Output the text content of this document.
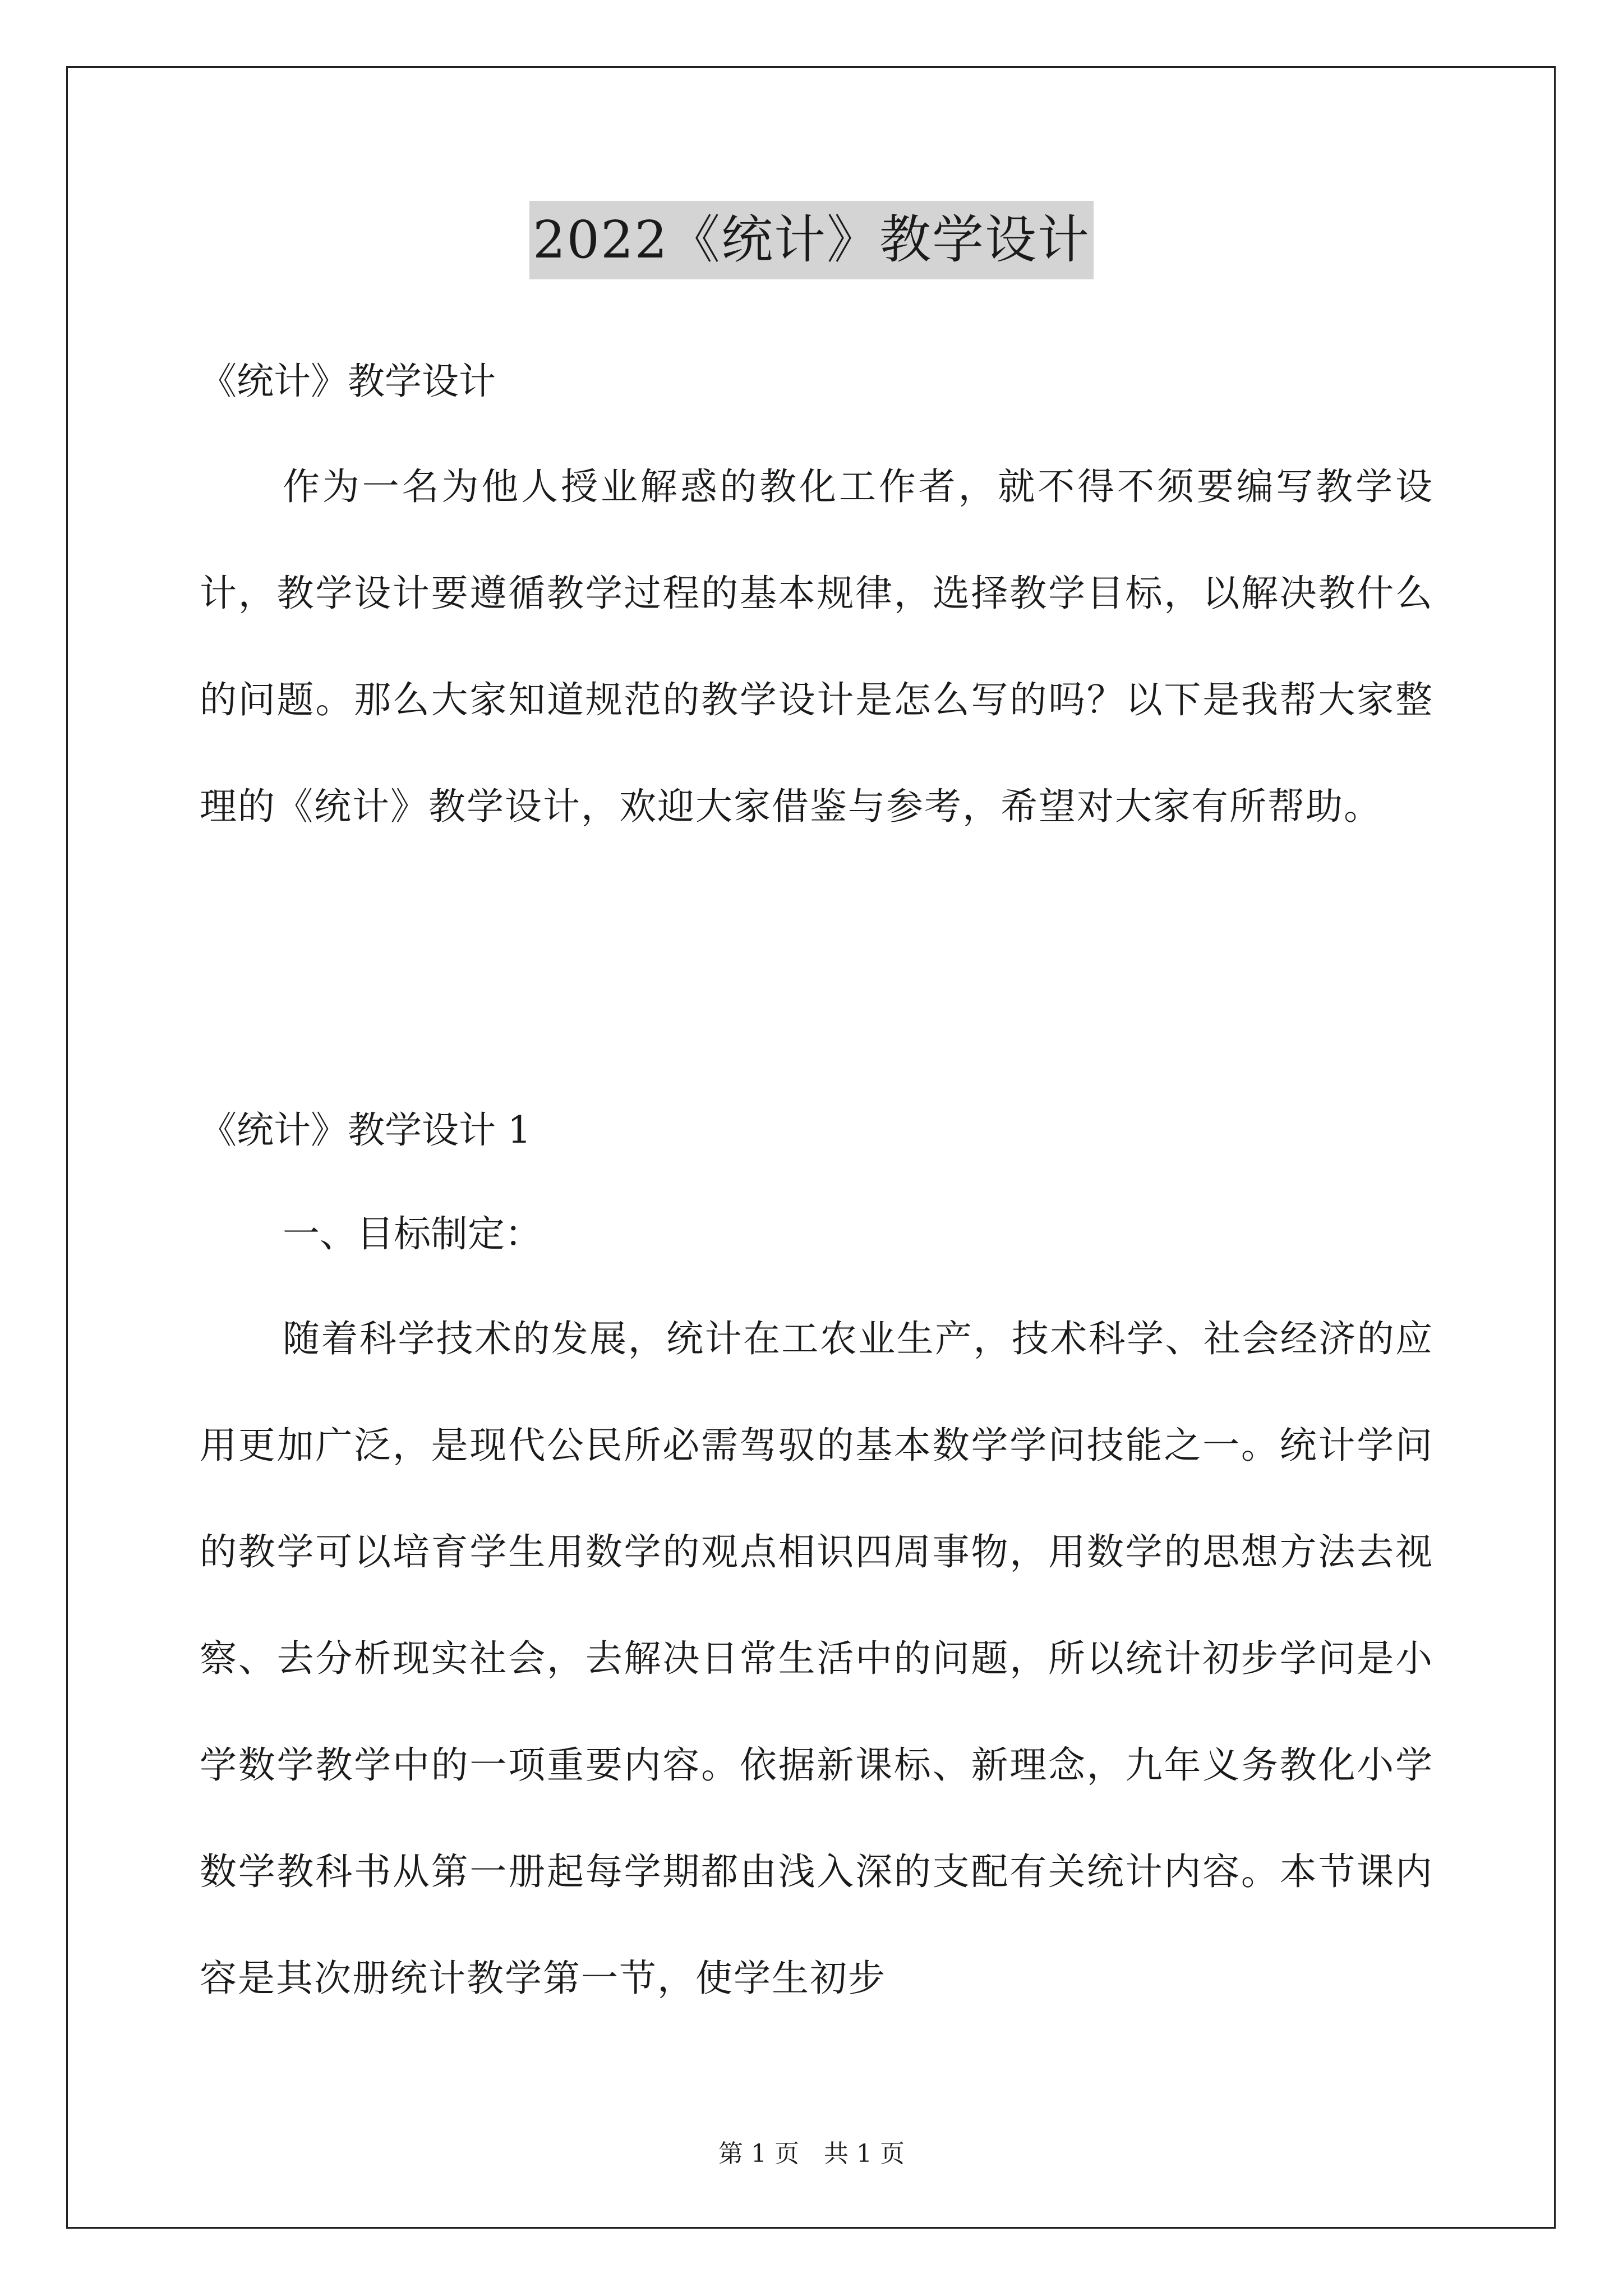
2022《统计》教学设计
《统计》教学设计
作为一名为他人授业解惑的教化工作者，就不得不须要编写教学设计，教学设计要遵循教学过程的基本规律，选择教学目标，以解决教什么的问题。那么大家知道规范的教学设计是怎么写的吗？以下是我帮大家整理的《统计》教学设计，欢迎大家借鉴与参考，希望对大家有所帮助。
《统计》教学设计 1
一、目标制定：
随着科学技术的发展，统计在工农业生产，技术科学、社会经济的应用更加广泛，是现代公民所必需驾驭的基本数学学问技能之一。统计学问的教学可以培育学生用数学的观点相识四周事物，用数学的思想方法去视察、去分析现实社会，去解决日常生活中的问题，所以统计初步学问是小学数学教学中的一项重要内容。依据新课标、新理念，九年义务教化小学数学教科书从第一册起每学期都由浅入深的支配有关统计内容。本节课内容是其次册统计教学第一节，使学生初步
第 1 页　共 1 页
